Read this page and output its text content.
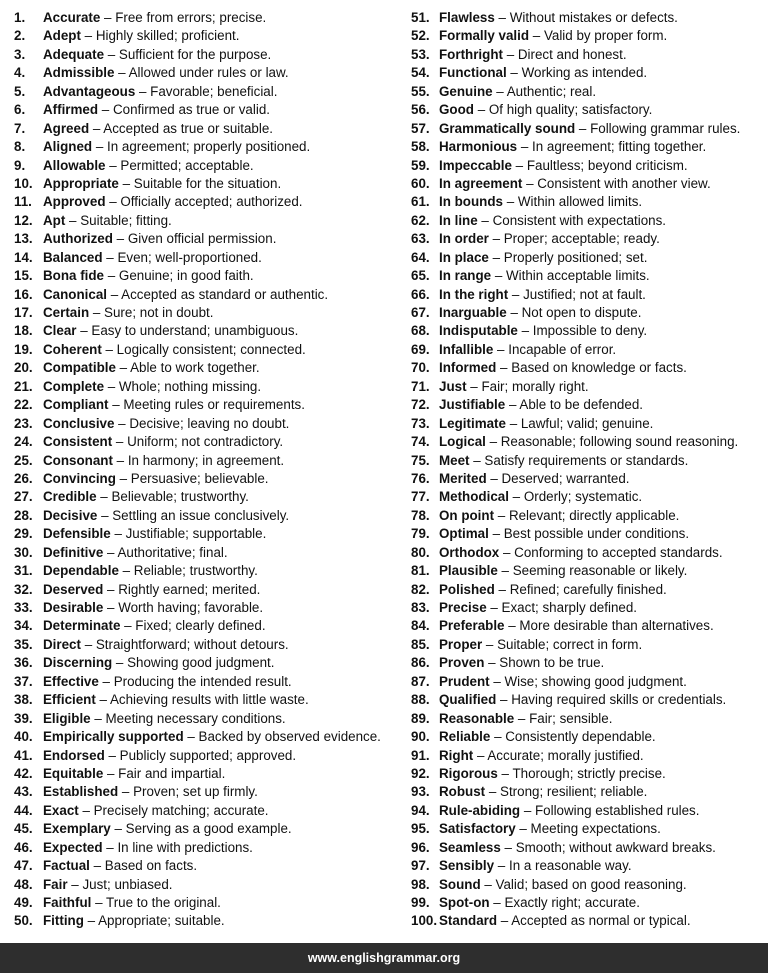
1.	Accurate – Free from errors; precise.
2.	Adept – Highly skilled; proficient.
3.	Adequate – Sufficient for the purpose.
4.	Admissible – Allowed under rules or law.
5.	Advantageous – Favorable; beneficial.
6.	Affirmed – Confirmed as true or valid.
7.	Agreed – Accepted as true or suitable.
8.	Aligned – In agreement; properly positioned.
9.	Allowable – Permitted; acceptable.
10. Appropriate – Suitable for the situation.
11. Approved – Officially accepted; authorized.
12. Apt – Suitable; fitting.
13. Authorized – Given official permission.
14. Balanced – Even; well-proportioned.
15. Bona fide – Genuine; in good faith.
16. Canonical – Accepted as standard or authentic.
17. Certain – Sure; not in doubt.
18. Clear – Easy to understand; unambiguous.
19. Coherent – Logically consistent; connected.
20. Compatible – Able to work together.
21. Complete – Whole; nothing missing.
22. Compliant – Meeting rules or requirements.
23. Conclusive – Decisive; leaving no doubt.
24. Consistent – Uniform; not contradictory.
25. Consonant – In harmony; in agreement.
26. Convincing – Persuasive; believable.
27. Credible – Believable; trustworthy.
28. Decisive – Settling an issue conclusively.
29. Defensible – Justifiable; supportable.
30. Definitive – Authoritative; final.
31. Dependable – Reliable; trustworthy.
32. Deserved – Rightly earned; merited.
33. Desirable – Worth having; favorable.
34. Determinate – Fixed; clearly defined.
35. Direct – Straightforward; without detours.
36. Discerning – Showing good judgment.
37. Effective – Producing the intended result.
38. Efficient – Achieving results with little waste.
39. Eligible – Meeting necessary conditions.
40. Empirically supported – Backed by observed evidence.
41. Endorsed – Publicly supported; approved.
42. Equitable – Fair and impartial.
43. Established – Proven; set up firmly.
44. Exact – Precisely matching; accurate.
45. Exemplary – Serving as a good example.
46. Expected – In line with predictions.
47. Factual – Based on facts.
48. Fair – Just; unbiased.
49. Faithful – True to the original.
50. Fitting – Appropriate; suitable.
51. Flawless – Without mistakes or defects.
52. Formally valid – Valid by proper form.
53. Forthright – Direct and honest.
54. Functional – Working as intended.
55. Genuine – Authentic; real.
56. Good – Of high quality; satisfactory.
57. Grammatically sound – Following grammar rules.
58. Harmonious – In agreement; fitting together.
59. Impeccable – Faultless; beyond criticism.
60. In agreement – Consistent with another view.
61. In bounds – Within allowed limits.
62. In line – Consistent with expectations.
63. In order – Proper; acceptable; ready.
64. In place – Properly positioned; set.
65. In range – Within acceptable limits.
66. In the right – Justified; not at fault.
67. Inarguable – Not open to dispute.
68. Indisputable – Impossible to deny.
69. Infallible – Incapable of error.
70. Informed – Based on knowledge or facts.
71. Just – Fair; morally right.
72. Justifiable – Able to be defended.
73. Legitimate – Lawful; valid; genuine.
74. Logical – Reasonable; following sound reasoning.
75. Meet – Satisfy requirements or standards.
76. Merited – Deserved; warranted.
77. Methodical – Orderly; systematic.
78. On point – Relevant; directly applicable.
79. Optimal – Best possible under conditions.
80. Orthodox – Conforming to accepted standards.
81. Plausible – Seeming reasonable or likely.
82. Polished – Refined; carefully finished.
83. Precise – Exact; sharply defined.
84. Preferable – More desirable than alternatives.
85. Proper – Suitable; correct in form.
86. Proven – Shown to be true.
87. Prudent – Wise; showing good judgment.
88. Qualified – Having required skills or credentials.
89. Reasonable – Fair; sensible.
90. Reliable – Consistently dependable.
91. Right – Accurate; morally justified.
92. Rigorous – Thorough; strictly precise.
93. Robust – Strong; resilient; reliable.
94. Rule-abiding – Following established rules.
95. Satisfactory – Meeting expectations.
96. Seamless – Smooth; without awkward breaks.
97. Sensibly – In a reasonable way.
98. Sound – Valid; based on good reasoning.
99. Spot-on – Exactly right; accurate.
100. Standard – Accepted as normal or typical.
www.englishgrammar.org
